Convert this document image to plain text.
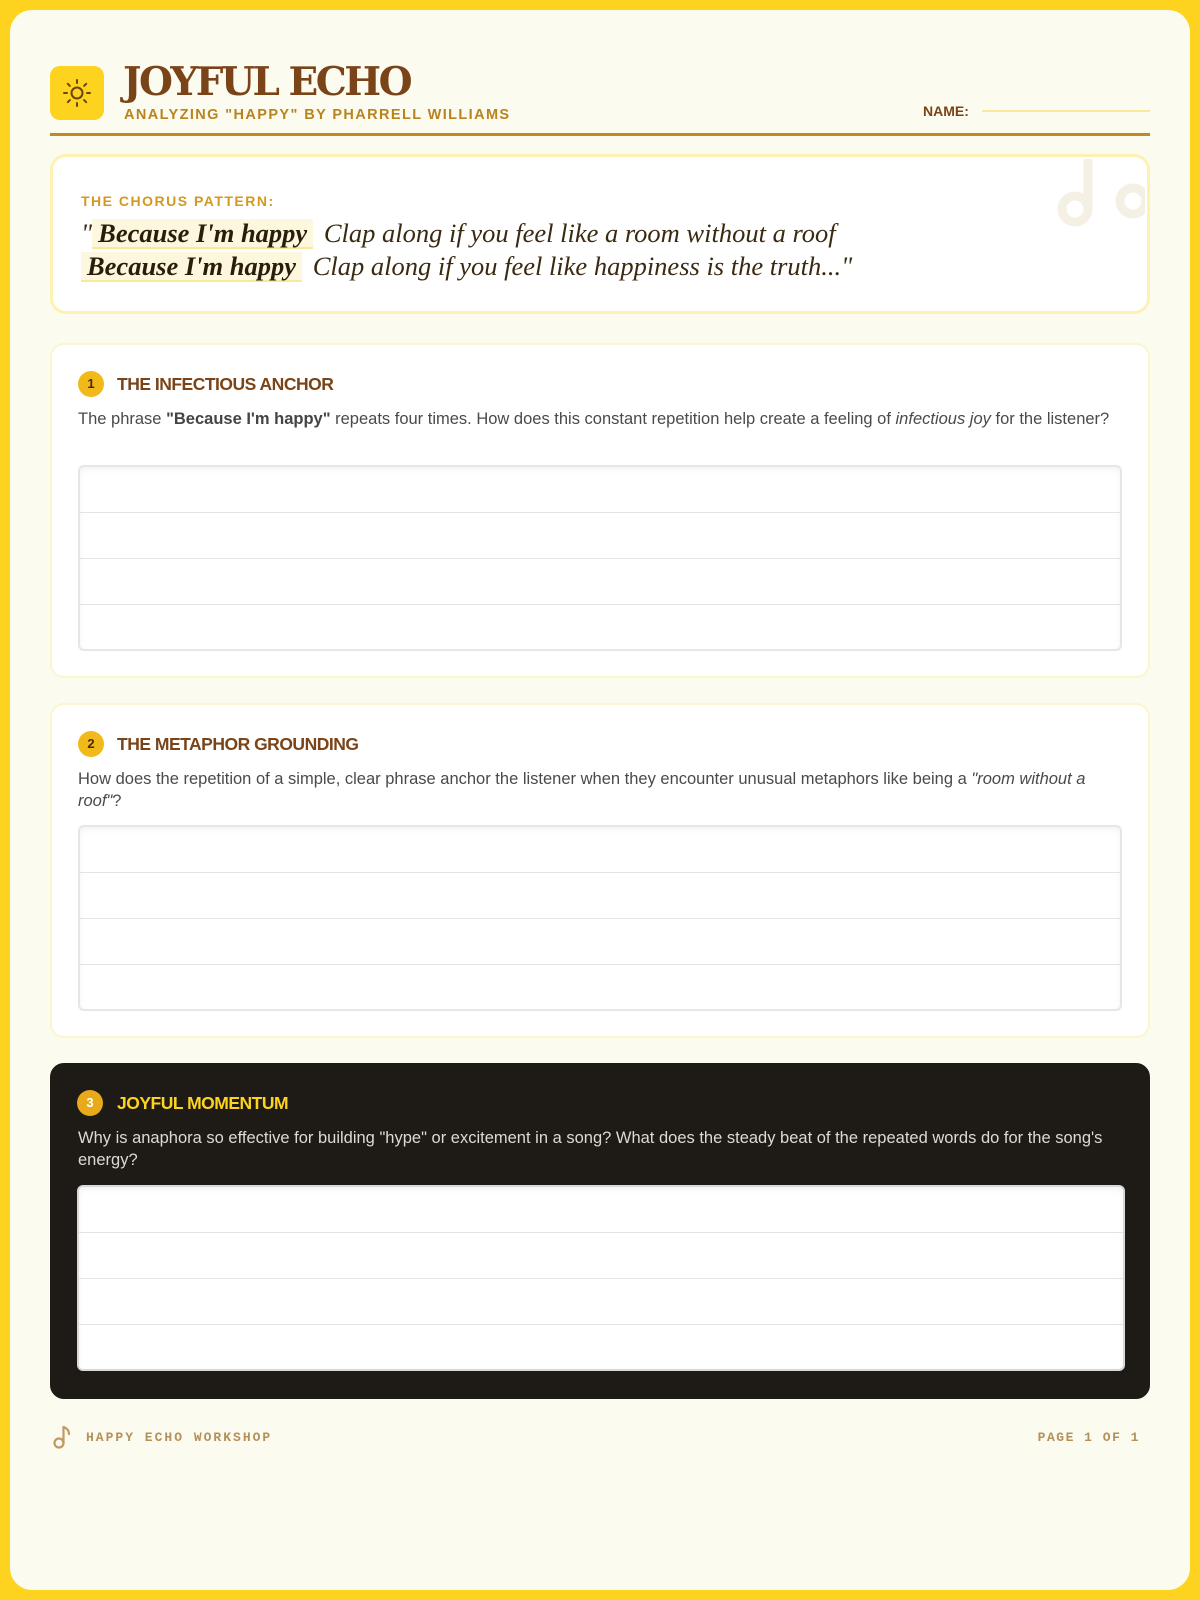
JOYFUL ECHO
ANALYZING "HAPPY" BY PHARRELL WILLIAMS	NAME:
THE CHORUS PATTERN:
" Because I'm happy Clap along if you feel like a room without a roof
Because I'm happy Clap along if you feel like happiness is the truth..."
1	THE INFECTIOUS ANCHOR
The phrase "Because I'm happy" repeats four times. How does this constant repetition help create a feeling of infectious joy for the listener?
2	THE METAPHOR GROUNDING
How does the repetition of a simple, clear phrase anchor the listener when they encounter unusual metaphors like being a "room without a roof"?
3	JOYFUL MOMENTUM
Why is anaphora so effective for building "hype" or excitement in a song? What does the steady beat of the repeated words do for the song's energy?
HAPPY ECHO WORKSHOP	PAGE 1 OF 1
